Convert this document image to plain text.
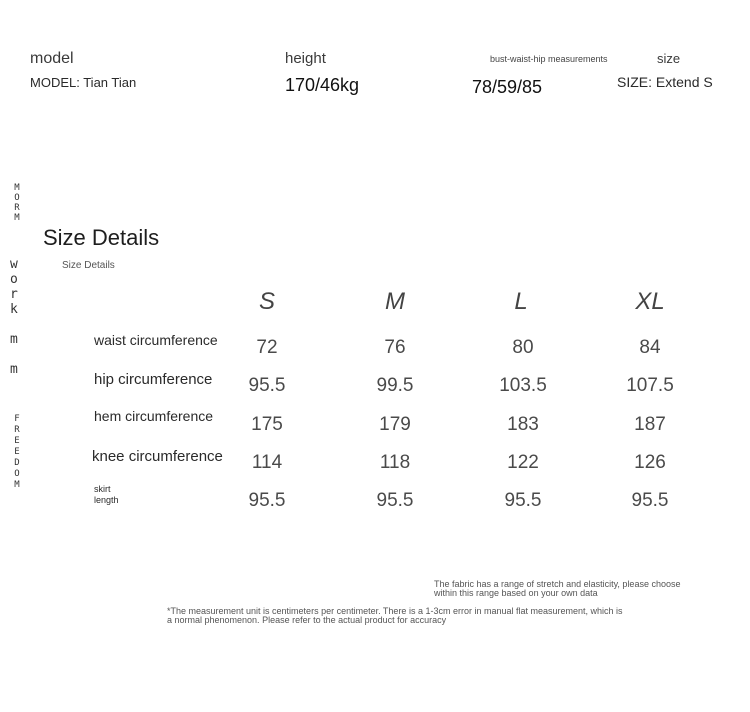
model	height	bust-waist-hip measurements	size
MODEL: Tian Tian	170/46kg	78/59/85	SIZE: Extend S
M
O
R
M
w
o
r
k
m
m
F
R
E
E
D
O
M
Size Details
Size Details
S	M	L	XL
waist circumference	72	76	80	84
hip circumference	95.5	99.5	103.5	107.5
hem circumference	175	179	183	187
knee circumference	114	118	122	126
skirt length	95.5	95.5	95.5	95.5
The fabric has a range of stretch and elasticity, please choose
within this range based on your own data
*The measurement unit is centimeters per centimeter. There is a 1-3cm error in manual flat measurement, which is
a normal phenomenon. Please refer to the actual product for accuracy
